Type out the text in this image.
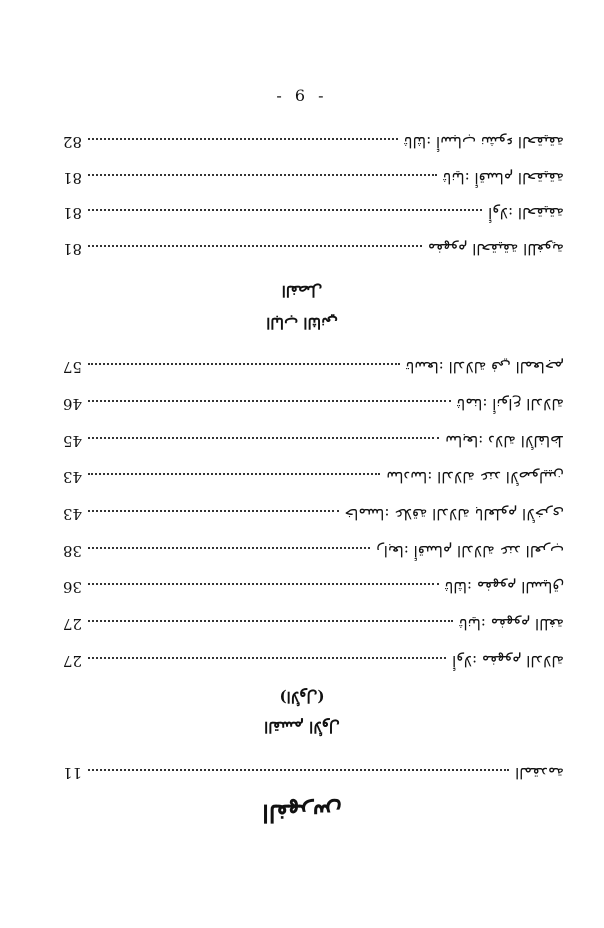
- 6 -
الفهرس
المقدمة
11
القسم الأول
(الأول)
أولا: مفهوم الدلالة
27
ثانيا: مفهوم اللغة
27
ثالثا: مفهوم السياق
36
رابعا: أقسام الدلالة عند العرب
38
خامسا: علاقة الدلالة بالعلوم الأخرى
43
سادسا: الدلالة عند الأصوليين
43
سابعا: دلالة الألفاظ
45
ثامنا: أنواع الدلالة
46
تاسعا: الدلالة في المعاجم
57
الباب الثاني
الفصل
مفهوم الحقيقة اللغوية
81
أولا: الحقيقة
81
ثانيا: أقسام الحقيقة
81
ثالثا: أسباب نشوء الحقيقة
82
